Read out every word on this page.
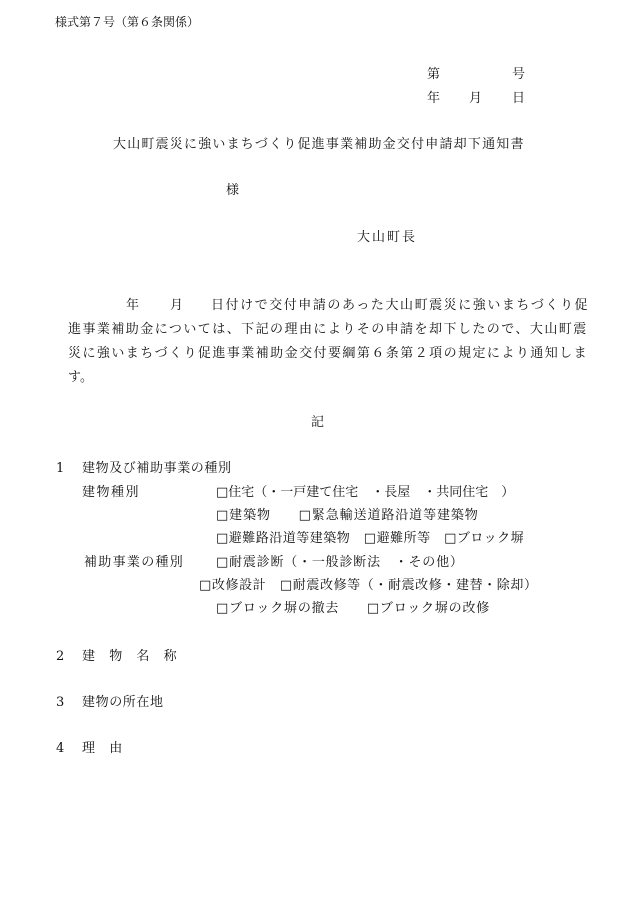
様式第７号（第６条関係）
第	号
年 月 日
大山町震災に強いまちづくり促進事業補助金交付申請却下通知書
様
大山町長
年 月 日付けで交付申請のあった大山町震災に強いまちづくり促
進事業補助金については、下記の理由によりその申請を却下したので、大山町震
災に強いまちづくり促進事業補助金交付要綱第６条第２項の規定により通知しま
す。
記
1 建物及び補助事業の種別
建物種別	□住宅（・一戸建て住宅　・長屋　・共同住宅　）
□建築物　　□緊急輸送道路沿道等建築物
□避難路沿道等建築物　□避難所等　□ブロック塀
補助事業の種別 □耐震診断（・一般診断法　・その他）
□改修設計　□耐震改修等（・耐震改修・建替・除却）
□ブロック塀の撤去　　□ブロック塀の改修
2 建　物　名　称
3 建物の所在地
4 理　由
